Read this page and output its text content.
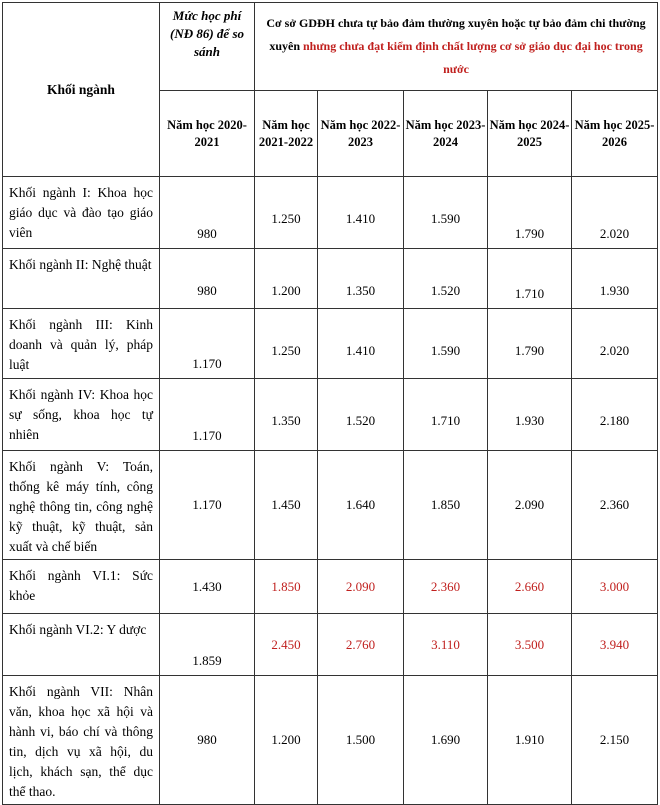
Khối ngành	Mức học phí (NĐ 86) để so sánh	Cơ sở GDĐH chưa tự bảo đảm thường xuyên hoặc tự bảo đảm chi thường xuyên nhưng chưa đạt kiểm định chất lượng cơ sở giáo dục đại học trong nước				
	Năm học 2020-2021	Năm học 2021-2022	Năm học 2022-2023	Năm học 2023-2024	Năm học 2024-2025	Năm học 2025-2026
Khối ngành I: Khoa học giáo dục và đào tạo giáo viên	980	1.250	1.410	1.590	1.790	2.020
Khối ngành II: Nghệ thuật	980	1.200	1.350	1.520	1.710	1.930
Khối ngành III: Kinh doanh và quản lý, pháp luật	1.170	1.250	1.410	1.590	1.790	2.020
Khối ngành IV: Khoa học sự sống, khoa học tự nhiên	1.170	1.350	1.520	1.710	1.930	2.180
Khối ngành V: Toán, thống kê máy tính, công nghệ thông tin, công nghệ kỹ thuật, kỹ thuật, sản xuất và chế biến	1.170	1.450	1.640	1.850	2.090	2.360
Khối ngành VI.1: Sức khỏe	1.430	1.850	2.090	2.360	2.660	3.000
Khối ngành VI.2: Y dược	1.859	2.450	2.760	3.110	3.500	3.940
Khối ngành VII: Nhân văn, khoa học xã hội và hành vi, báo chí và thông tin, dịch vụ xã hội, du lịch, khách sạn, thể dục thể thao.	980	1.200	1.500	1.690	1.910	2.150
